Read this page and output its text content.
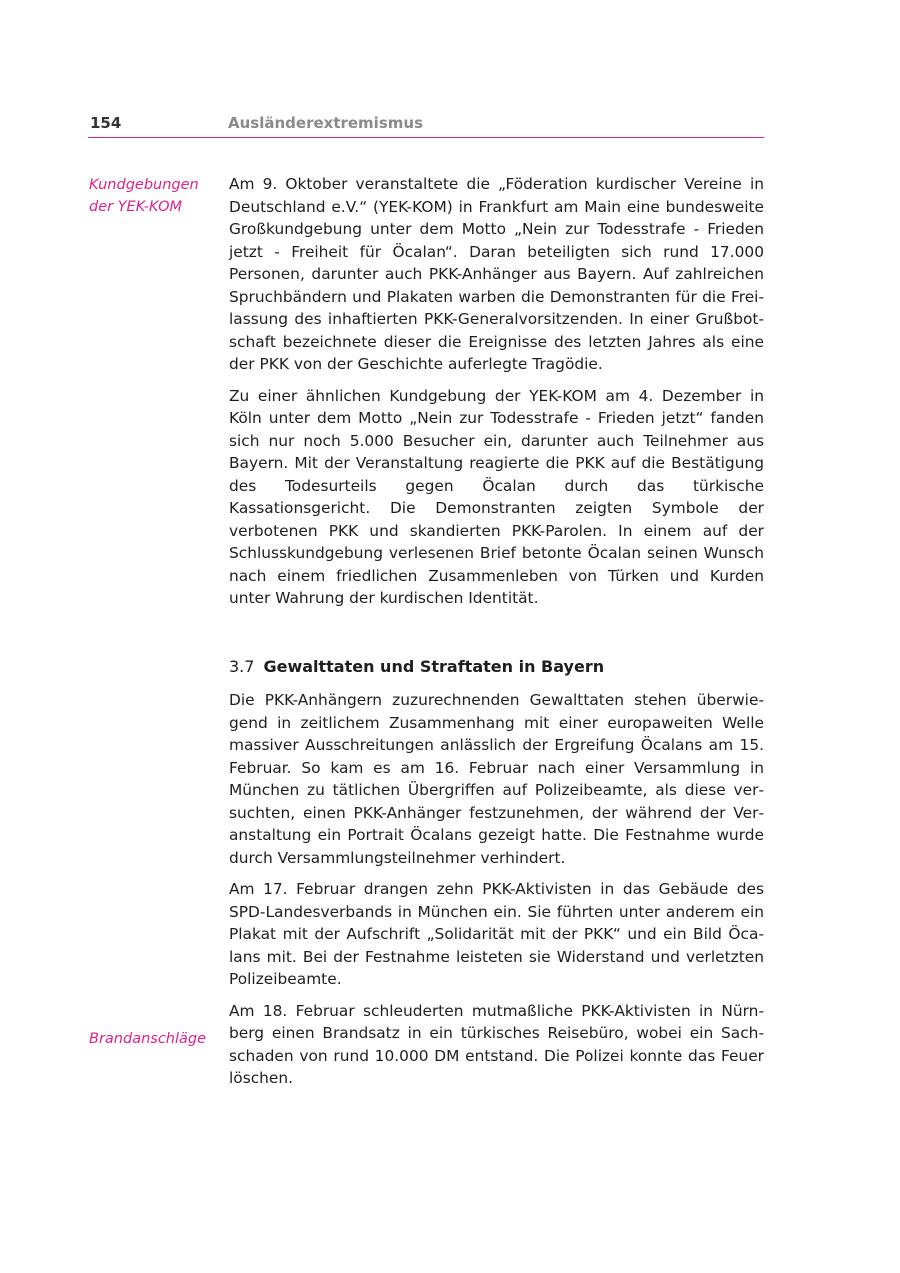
154	Ausländerextremismus
Kundgebungen
der YEK-KOM

Am 9. Oktober veranstaltete die „Föderation kurdischer Vereine in Deutschland e.V.“ (YEK-KOM) in Frankfurt am Main eine bundesweite Großkundgebung unter dem Motto „Nein zur Todesstrafe - Frieden jetzt - Freiheit für Öcalan“. Daran beteiligten sich rund 17.000 Personen, darunter auch PKK-Anhänger aus Bayern. Auf zahlreichen Spruchbändern und Plakaten warben die Demonstranten für die Freilassung des inhaftierten PKK-Generalvorsitzenden. In einer Grußbotschaft bezeichnete dieser die Ereignisse des letzten Jahres als eine der PKK von der Geschichte auferlegte Tragödie.

Zu einer ähnlichen Kundgebung der YEK-KOM am 4. Dezember in Köln unter dem Motto „Nein zur Todesstrafe - Frieden jetzt“ fanden sich nur noch 5.000 Besucher ein, darunter auch Teilnehmer aus Bayern. Mit der Veranstaltung reagierte die PKK auf die Bestätigung des Todesurteils gegen Öcalan durch das türkische Kassationsgericht. Die Demonstranten zeigten Symbole der verbotenen PKK und skandierten PKK-Parolen. In einem auf der Schlusskundgebung verlesenen Brief betonte Öcalan seinen Wunsch nach einem friedlichen Zusammenleben von Türken und Kurden unter Wahrung der kurdischen Identität.

3.7 Gewalttaten und Straftaten in Bayern

Die PKK-Anhängern zuzurechnenden Gewalttaten stehen überwiegend in zeitlichem Zusammenhang mit einer europaweiten Welle massiver Ausschreitungen anlässlich der Ergreifung Öcalans am 15. Februar. So kam es am 16. Februar nach einer Versammlung in München zu tätlichen Übergriffen auf Polizeibeamte, als diese versuchten, einen PKK-Anhänger festzunehmen, der während der Veranstaltung ein Portrait Öcalans gezeigt hatte. Die Festnahme wurde durch Versammlungsteilnehmer verhindert.

Am 17. Februar drangen zehn PKK-Aktivisten in das Gebäude des SPD-Landesverbands in München ein. Sie führten unter anderem ein Plakat mit der Aufschrift „Solidarität mit der PKK“ und ein Bild Öcalans mit. Bei der Festnahme leisteten sie Widerstand und verletzten Polizeibeamte.

Am 18. Februar schleuderten mutmaßliche PKK-Aktivisten in Nürnberg einen Brandsatz in ein türkisches Reisebüro, wobei ein Sachschaden von rund 10.000 DM entstand. Die Polizei konnte das Feuer löschen.

Brandanschläge
